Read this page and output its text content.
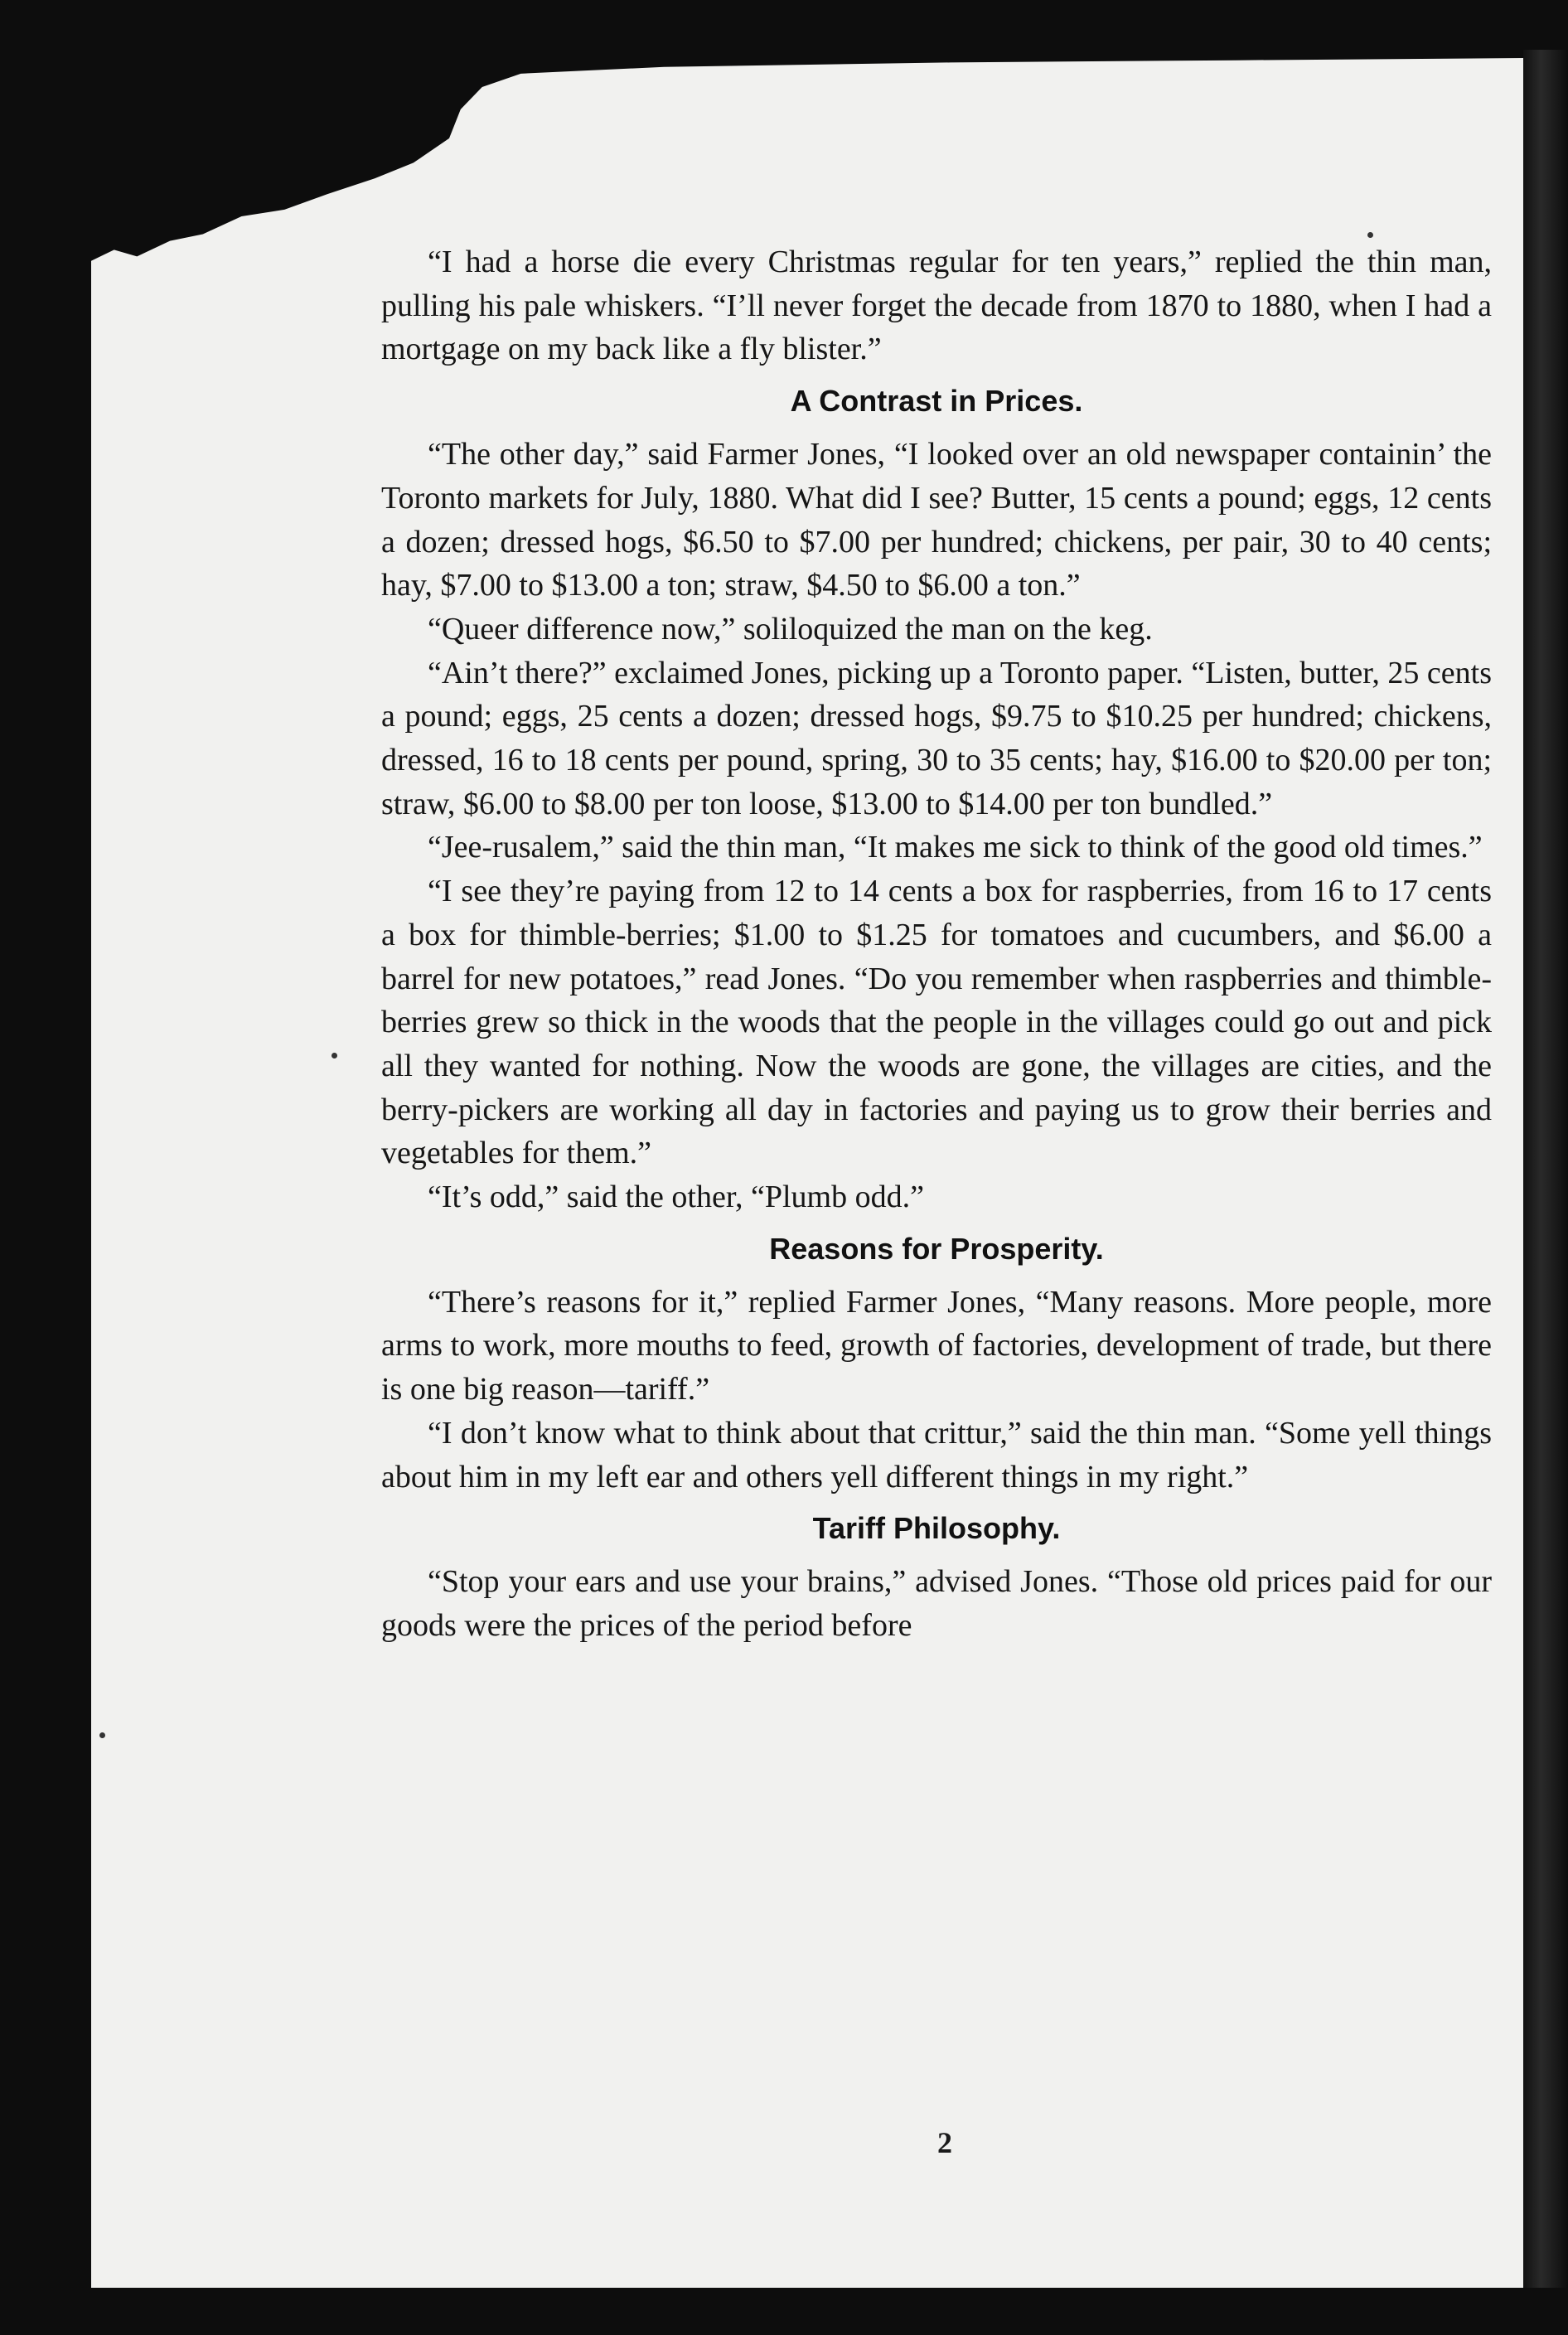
“I had a horse die every Christmas regular for ten years,” replied the thin man, pulling his pale whiskers. “I’ll never forget the decade from 1870 to 1880, when I had a mortgage on my back like a fly blister.”

A Contrast in Prices.

“The other day,” said Farmer Jones, “I looked over an old newspaper containin’ the Toronto markets for July, 1880. What did I see? Butter, 15 cents a pound; eggs, 12 cents a dozen; dressed hogs, $6.50 to $7.00 per hundred; chickens, per pair, 30 to 40 cents; hay, $7.00 to $13.00 a ton; straw, $4.50 to $6.00 a ton.”

“Queer difference now,” soliloquized the man on the keg.

“Ain’t there?” exclaimed Jones, picking up a Toronto paper. “Listen, butter, 25 cents a pound; eggs, 25 cents a dozen; dressed hogs, $9.75 to $10.25 per hundred; chickens, dressed, 16 to 18 cents per pound, spring, 30 to 35 cents; hay, $16.00 to $20.00 per ton; straw, $6.00 to $8.00 per ton loose, $13.00 to $14.00 per ton bundled.”

“Jee-rusalem,” said the thin man, “It makes me sick to think of the good old times.”

“I see they’re paying from 12 to 14 cents a box for raspberries, from 16 to 17 cents a box for thimble-berries; $1.00 to $1.25 for tomatoes and cucumbers, and $6.00 a barrel for new potatoes,” read Jones. “Do you remember when raspberries and thimble-berries grew so thick in the woods that the people in the villages could go out and pick all they wanted for nothing. Now the woods are gone, the villages are cities, and the berry-pickers are working all day in factories and paying us to grow their berries and vegetables for them.”

“It’s odd,” said the other, “Plumb odd.”

Reasons for Prosperity.

“There’s reasons for it,” replied Farmer Jones, “Many reasons. More people, more arms to work, more mouths to feed, growth of factories, development of trade, but there is one big reason—tariff.”

“I don’t know what to think about that crittur,” said the thin man. “Some yell things about him in my left ear and others yell different things in my right.”

Tariff Philosophy.

“Stop your ears and use your brains,” advised Jones. “Those old prices paid for our goods were the prices of the period before

2
